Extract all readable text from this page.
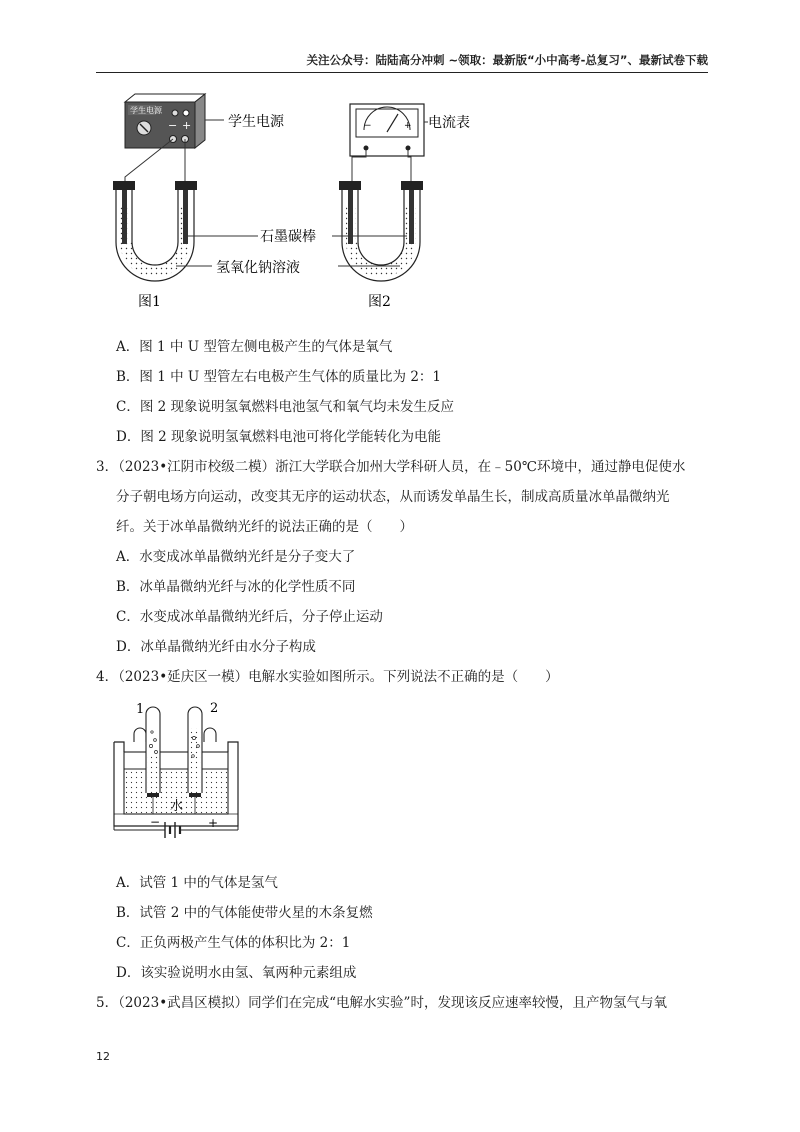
关注公众号：陆陆高分冲刺 ~领取：最新版“小中高考-总复习”、最新试卷下载
学生电源
− +	学生电源
图1
−	+ 电流表
图2
石墨碳棒
氢氧化钠溶液
A．图 1 中 U 型管左侧电极产生的气体是氧气
B．图 1 中 U 型管左右电极产生气体的质量比为 2：1
C．图 2 现象说明氢氧燃料电池氢气和氧气均未发生反应
D．图 2 现象说明氢氧燃料电池可将化学能转化为电能
3．（2023•江阴市校级二模）浙江大学联合加州大学科研人员，在﹣50℃环境中，通过静电促使水
分子朝电场方向运动，改变其无序的运动状态，从而诱发单晶生长，制成高质量冰单晶微纳光
纤。关于冰单晶微纳光纤的说法正确的是（　　）
A．水变成冰单晶微纳光纤是分子变大了
B．冰单晶微纳光纤与冰的化学性质不同
C．水变成冰单晶微纳光纤后，分子停止运动
D．冰单晶微纳光纤由水分子构成
4．（2023•延庆区一模）电解水实验如图所示。下列说法不正确的是（　　）
1	2
水
−	+
A．试管 1 中的气体是氢气
B．试管 2 中的气体能使带火星的木条复燃
C．正负两极产生气体的体积比为 2：1
D．该实验说明水由氢、氧两种元素组成
5．（2023•武昌区模拟）同学们在完成“电解水实验”时，发现该反应速率较慢，且产物氢气与氧
12
